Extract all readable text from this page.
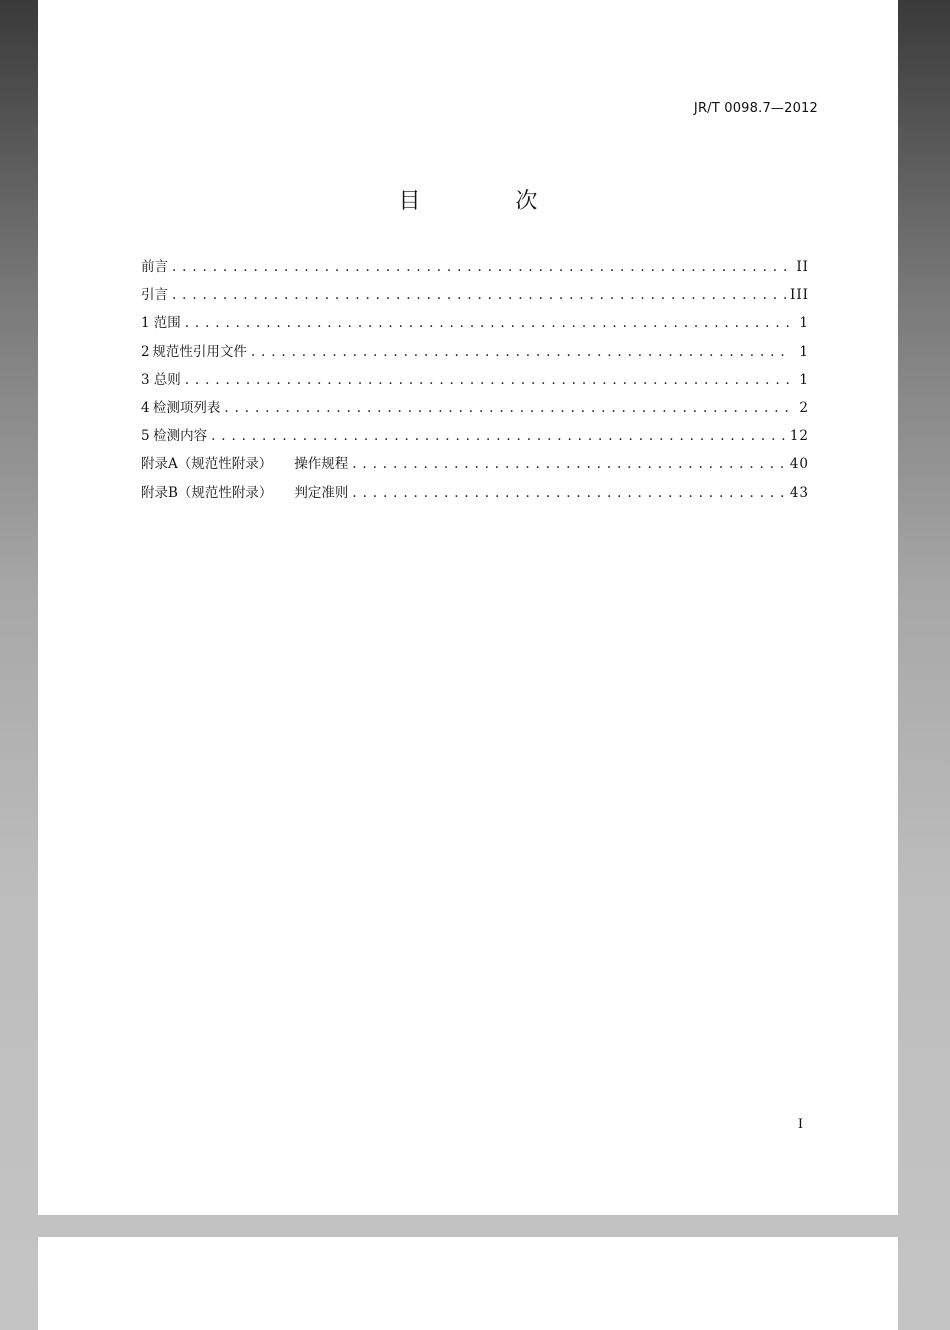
JR/T 0098.7—2012
目 次
前言 . . .	II
引言 . . .	III
1 范围 . . .	1
2 规范性引用文件 . . .	1
3 总则 . . .	1
4 检测项列表 . . .	2
5 检测内容 . . .	12
附录A（规范性附录） 操作规程 . . .	40
附录B（规范性附录） 判定准则 . . .	43
I
